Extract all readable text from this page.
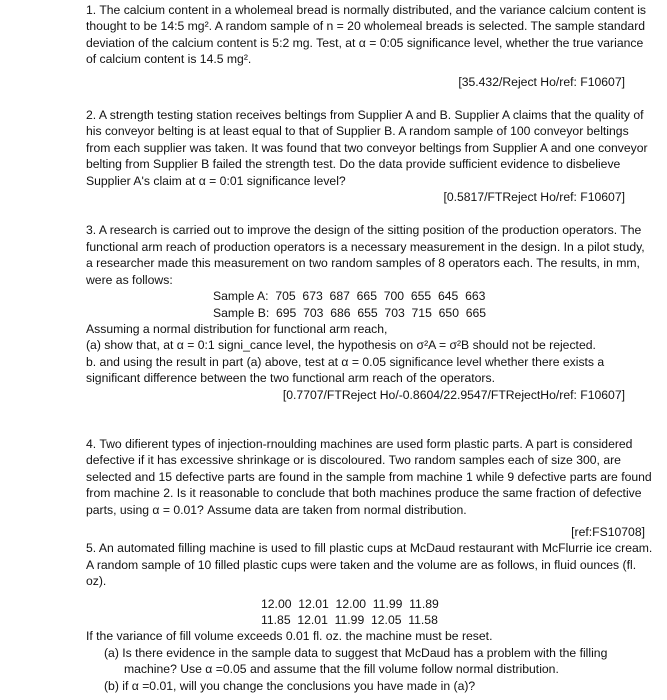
1. The calcium content in a wholemeal bread is normally distributed, and the variance calcium content is thought to be 14:5 mg². A random sample of n = 20 wholemeal breads is selected. The sample standard deviation of the calcium content is 5:2 mg. Test, at α = 0:05 significance level, whether the true variance of calcium content is 14.5 mg².

[35.432/Reject Ho/ref: F10607]

2. A strength testing station receives beltings from Supplier A and B. Supplier A claims that the quality of his conveyor belting is at least equal to that of Supplier B. A random sample of 100 conveyor beltings from each supplier was taken. It was found that two conveyor beltings from Supplier A and one conveyor belting from Supplier B failed the strength test. Do the data provide sufficient evidence to disbelieve Supplier A's claim at α = 0:01 significance level?

[0.5817/FTReject Ho/ref: F10607]

3. A research is carried out to improve the design of the sitting position of the production operators. The functional arm reach of production operators is a necessary measurement in the design. In a pilot study, a researcher made this measurement on two random samples of 8 operators each. The results, in mm, were as follows:

Sample A:  705  673  687  665  700  655  645  663

Sample B:  695  703  686  655  703  715  650  665

Assuming a normal distribution for functional arm reach,

(a) show that, at α = 0:1 signi_cance level, the hypothesis on σ²A = σ²B should not be rejected.

b. and using the result in part (a) above, test at α = 0.05 significance level whether there exists a significant difference between the two functional arm reach of the operators.

[0.7707/FTReject Ho/-0.8604/22.9547/FTRejectHo/ref: F10607]

4. Two difierent types of injection-rnoulding machines are used form plastic parts. A part is considered defective if it has excessive shrinkage or is discoloured. Two random samples each of size 300, are selected and 15 defective parts are found in the sample from machine 1 while 9 defective parts are found from machine 2. Is it reasonable to conclude that both machines produce the same fraction of defective parts, using α = 0.01? Assume data are taken from normal distribution.

[ref:FS10708]

5. An automated filling machine is used to fill plastic cups at McDaud restaurant with McFlurrie ice cream. A random sample of 10 filled plastic cups were taken and the volume are as follows, in fluid ounces (fl. oz).

12.00  12.01  12.00  11.99  11.89

11.85  12.01  11.99  12.05  11.58

If the variance of fill volume exceeds 0.01 fl. oz. the machine must be reset.

(a) Is there evidence in the sample data to suggest that McDaud has a problem with the filling machine? Use α =0.05 and assume that the fill volume follow normal distribution.

(b) if α =0.01, will you change the conclusions you have made in (a)?
